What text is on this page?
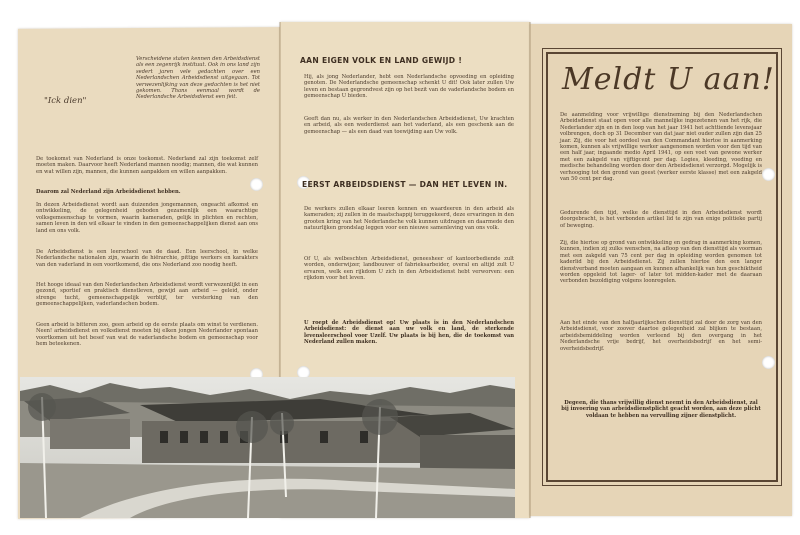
"Ick dien"

Verscheidene staten kennen den Arbeidsdienst als een zegenrijk instituut. Ook in ons land zijn sedert jaren vele gedachten over een Nederlandschen Arbeidsdienst uitgegaan. Tot verwezenlijking van deze gedachten is het niet gekomen. Thans eenmaal wordt de Nederlandsche Arbeidsdienst een feit.

De toekomst van Nederland is onze toekomst. Nederland zal zijn toekomst zelf moeten maken. Daarvoor heeft Nederland mannen noodig; mannen, die wat kunnen en wat willen zijn, mannen, die kunnen aanpakken en willen aanpakken.

Daarom zal Nederland zijn Arbeidsdienst hebben.

In dezen Arbeidsdienst wordt aan duizenden jongemannen, ongeacht afkomst en ontwikkeling, de gelegenheid geboden gezamenlijk een waarachtige volksgemeenschap te vormen, waarin kameraden, gelijk in plichten en rechten, samen leven in den wil elkaar te vinden in den gemeenschappelijken dienst aan ons land en ons volk.

De Arbeidsdienst is een leerschool van de daad. Een leerschool, in welke Nederlandsche nationalen zijn, waarin de hiërarchie, pittige werkers en karakters van den vaderland in een voortkomend, die ons Nederland zoo noodig heeft.

Het hooge ideaal van den Nederlandschen Arbeidsdienst wordt verwezenlijkt in een gezond, sportief en praktisch dienstleven, gewijd aan arbeid — geleid, onder strenge tucht, gemeenschappelijk verblijf, ter versterking van den gemeenschappelijken, vaderlandschen bodem.

Geen arbeid is bitteren zoo, geen arbeid op de eerste plaats om winst te verdienen. Neen! arbeidsdienst en volksdienst moeten bij elken jongen Nederlander spontaan voortkomen uit het besef van wat de vaderlandsche bodem en gemeenschap voor hem beteekenen.

AAN EIGEN VOLK EN LAND GEWIJD !

Hij, als jong Nederlander, hebt een Nederlandsche opvoeding en opleiding genoten. De Nederlandsche gemeenschap schenkt U dit! Ook later zullen Uw leven en bestaan gegrondvest zijn op het bezit van de vaderlandsche bodem en gemeenschap U bieden.

Geeft dan nu, als werker in den Nederlandschen Arbeidsdienst, Uw krachten en arbeid, als een wederdienst aan het vaderland, als een geschenk aan de gemeenschap — als een daad van toewijding aan Uw volk.

EERST ARBEIDSDIENST — DAN HET LEVEN IN.

De werkers zullen elkaar leeren kennen en waardeeren in den arbeid als kameraden; zij zullen in de maatschappij teruggekeerd, deze ervaringen in den grooten kring van het Nederlandsche volk kunnen uitdragen en daarmede den natuurlijken grondslag leggen voor een nieuwe samenleving van ons volk.

Of U, als welbeschten Arbeidsdienst, geneesheer of kantoorbediende zult worden, onderwijzer, landbouwer of fabrieksarbeider, overal en altijd zult U ervaren, welk een rijkdom U zich in den Arbeidsdienst hebt verworven: een rijkdom voor het leven.

U roept de Arbeidsdienst op! Uw plaats is in den Nederlandschen Arbeidsdienst: de dienst aan uw volk en land, de sterkende levensleerschool voor Uzelf. Uw plaats is bij hen, die de toekomst van Nederland zullen maken.

Meldt U aan!

De aanmelding voor vrijwillige dienstneming bij den Nederlandschen Arbeidsdienst staat open voor alle mannelijke ingezetenen van het rijk, die Nederlander zijn en in den loop van het jaar 1941 het achttiende levensjaar volbrengen, doch op 31 December van dat jaar niet ouder zullen zijn dan 25 jaar. Zij, die voor het oordeel van den Commandant hiertoe in aanmerking komen, kunnen als vrijwillige werker aangenomen worden voor den tijd van een half jaar, ingaande medio April 1941, op een voet van gewone werker met een zakgeld van vijftigcent per dag. Logies, kleeding, voeding en medische behandeling worden door den Arbeidsdienst verzorgd. Mogelijk is verhooging tot den grond van geest (werker eerste klasse) met een zakgeld van 50 cent per dag.

Gedurende den tijd, welke de diensttijd in den Arbeidsdienst wordt doorgebracht, is het verbonden artikel lid te zijn van enige politieke partij of beweging.

Zij, die hiertoe op grond van ontwikkeling en gedrag in aanmerking komen, kunnen, indien zij zulks wenschen, na afloop van den diensttijd als voorman met een zakgeld van 75 cent per dag in opleiding worden genomen tot kaderlid bij den Arbeidsdienst. Zij zullen hiertoe den een langer dienstverband moeten aangaan en kunnen afhankelijk van hun geschiktheid worden opgeleid tot lager- of later tot midden-kader met de daaraan verbonden bezoldiging volgens loonregelen.

Aan het einde van den halfjaarlijkschen diensttijd zal door de zorg van den Arbeidsdienst, voor zoover daartoe gelegenheid zal blijken te bestaan, arbeidsbemiddeling worden verleend bij den overgang in het Nederlandsche vrije bedrijf, het overheidsbedrijf en het semi-overheidsbedrijf.

Degeen, die thans vrijwillig dienst neemt in den Arbeidsdienst, zal bij invoering van arbeidsdienstplicht geacht worden, aan deze plicht voldaan te hebben na vervulling zijner dienstplicht.
